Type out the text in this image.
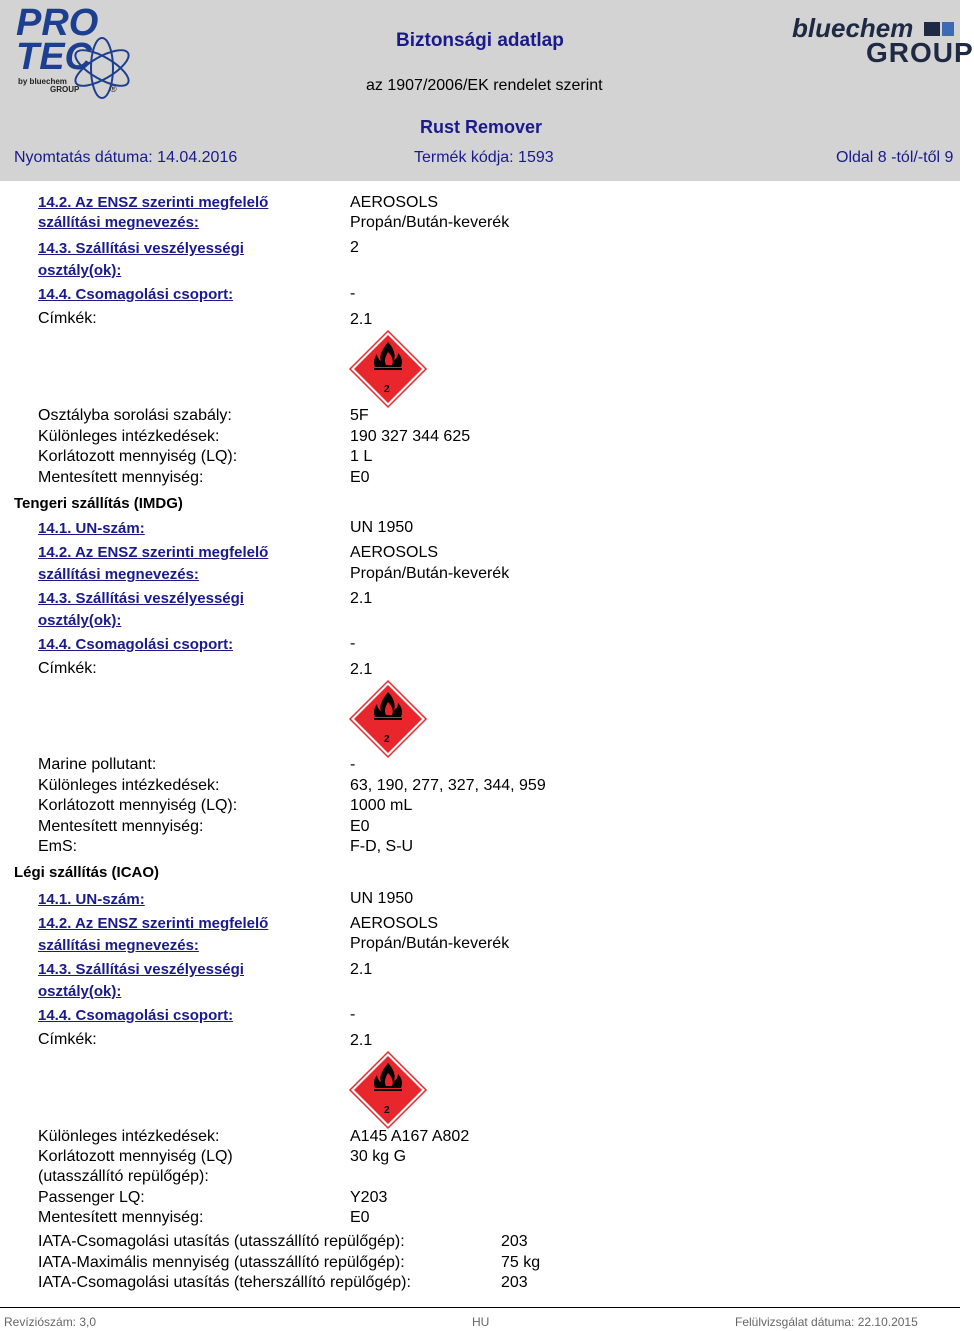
PRO
TEC
by bluechem
GROUP	®
Biztonsági adatlap
az 1907/2006/EK rendelet szerint
bluechem
GROUP
Rust Remover
Nyomtatás dátuma: 14.04.2016	Termék kódja: 1593	Oldal 8 -tól/-től 9
14.2. Az ENSZ szerinti megfelelő
szállítási megnevezés:
AEROSOLS
Propán/Bután-keverék
14.3. Szállítási veszélyességi
osztály(ok):
2
14.4. Csomagolási csoport:	-
Címkék:	2.1
2
Osztályba sorolási szabály:	5F
Különleges intézkedések:	190 327 344 625
Korlátozott mennyiség (LQ):	1 L
Mentesített mennyiség:	E0
Tengeri szállítás (IMDG)
14.1. UN-szám:	UN 1950
14.2. Az ENSZ szerinti megfelelő
szállítási megnevezés:
AEROSOLS
Propán/Bután-keverék
14.3. Szállítási veszélyességi
osztály(ok):
2.1
14.4. Csomagolási csoport:	-
Címkék:	2.1
2
Marine pollutant:	-
Különleges intézkedések:	63, 190, 277, 327, 344, 959
Korlátozott mennyiség (LQ):	1000 mL
Mentesített mennyiség:	E0
EmS:	F-D, S-U
Légi szállítás (ICAO)
14.1. UN-szám:	UN 1950
14.2. Az ENSZ szerinti megfelelő
szállítási megnevezés:
AEROSOLS
Propán/Bután-keverék
14.3. Szállítási veszélyességi
osztály(ok):
2.1
14.4. Csomagolási csoport:	-
Címkék:	2.1
2
Különleges intézkedések:	A145 A167 A802
Korlátozott mennyiség (LQ)
(utasszállító repülőgép):
30 kg G
Passenger LQ:	Y203
Mentesített mennyiség:	E0
IATA-Csomagolási utasítás (utasszállító repülőgép):	203
IATA-Maximális mennyiség (utasszállító repülőgép):	75 kg
IATA-Csomagolási utasítás (teherszállító repülőgép):	203
Revíziószám: 3,0	HU	Felülvizsgálat dátuma: 22.10.2015
